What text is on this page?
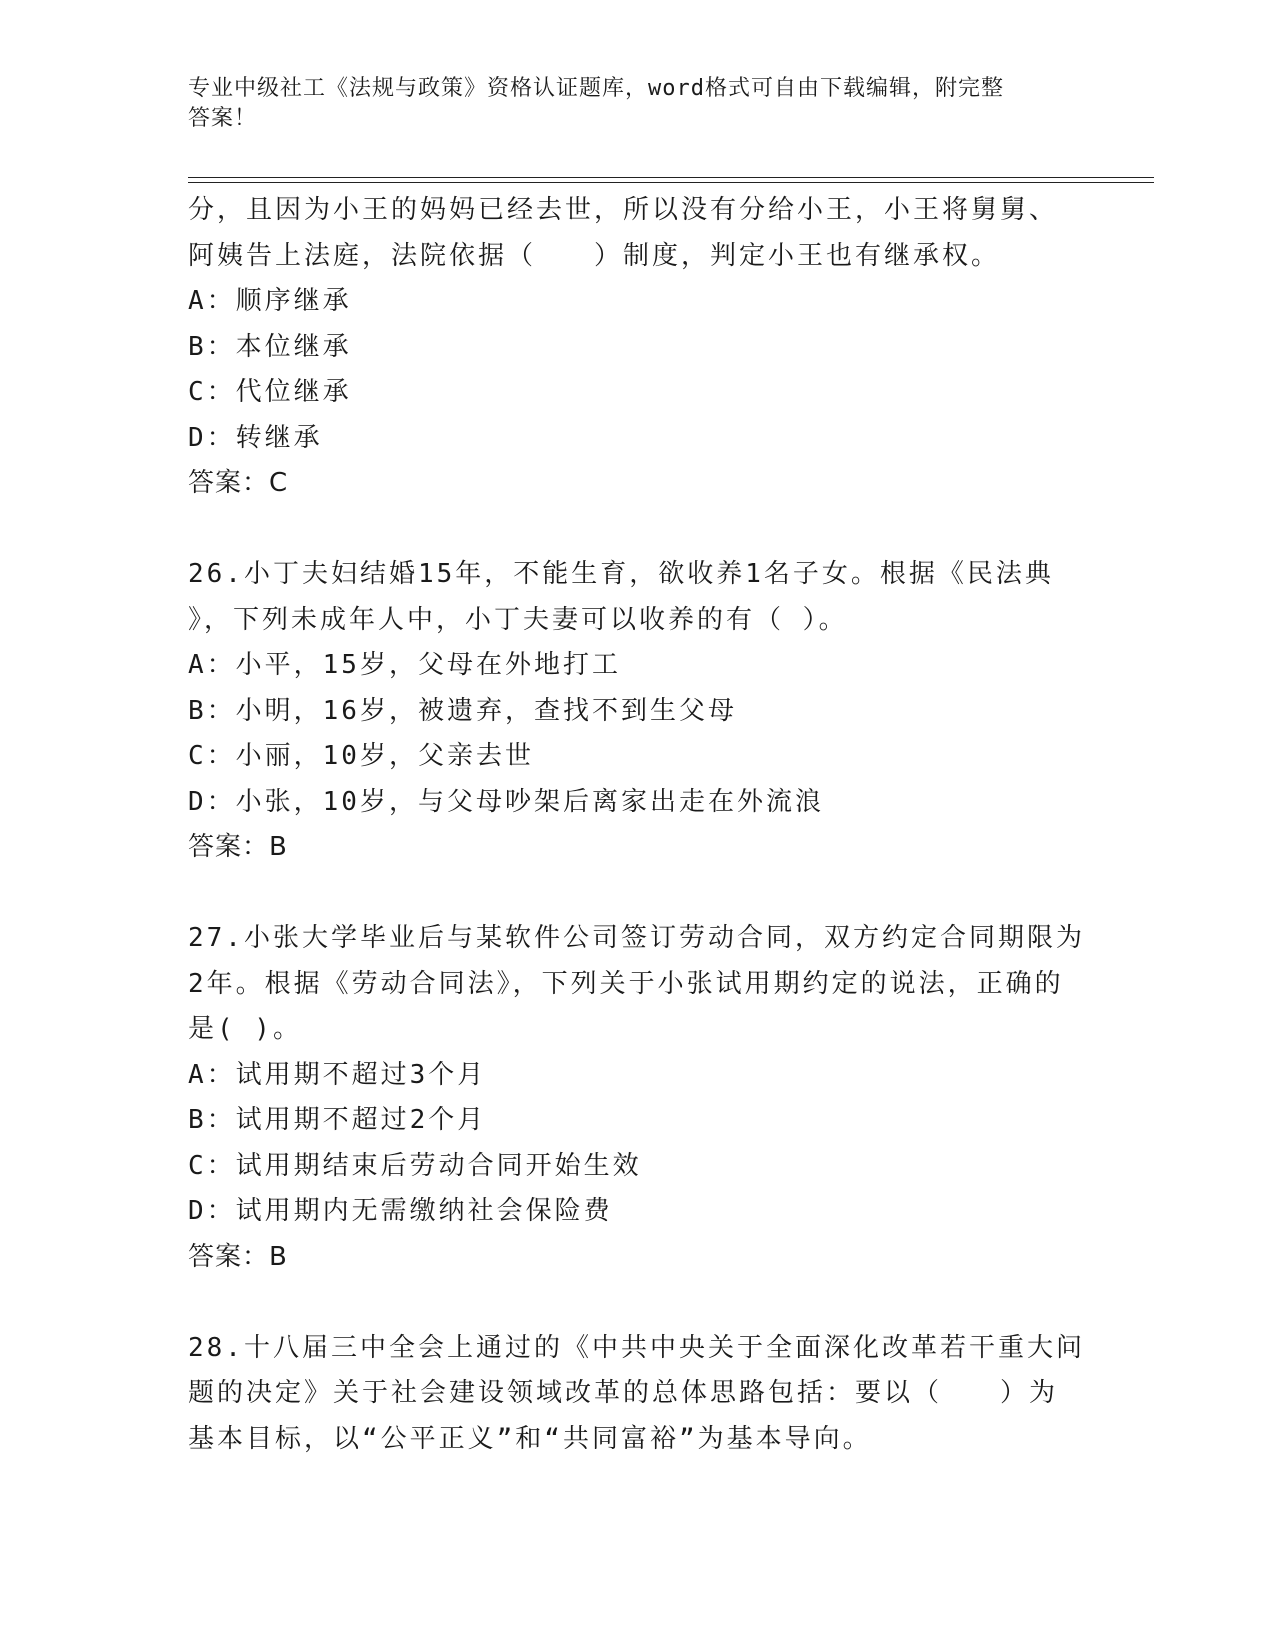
专业中级社工《法规与政策》资格认证题库，word格式可自由下载编辑，附完整
答案！
分，且因为小王的妈妈已经去世，所以没有分给小王，小王将舅舅、
阿姨告上法庭，法院依据（　　）制度，判定小王也有继承权。
A：顺序继承
B：本位继承
C：代位继承
D：转继承
答案：C
26.小丁夫妇结婚15年，不能生育，欲收养1名子女。根据《民法典
》，下列未成年人中，小丁夫妻可以收养的有（ ）。
A：小平，15岁，父母在外地打工
B：小明，16岁，被遗弃，查找不到生父母
C：小丽，10岁，父亲去世
D：小张，10岁，与父母吵架后离家出走在外流浪
答案：B
27.小张大学毕业后与某软件公司签订劳动合同，双方约定合同期限为
2年。根据《劳动合同法》，下列关于小张试用期约定的说法，正确的
是( )。
A：试用期不超过3个月
B：试用期不超过2个月
C：试用期结束后劳动合同开始生效
D：试用期内无需缴纳社会保险费
答案：B
28.十八届三中全会上通过的《中共中央关于全面深化改革若干重大问
题的决定》关于社会建设领域改革的总体思路包括：要以（　　）为
基本目标，以“公平正义”和“共同富裕”为基本导向。
